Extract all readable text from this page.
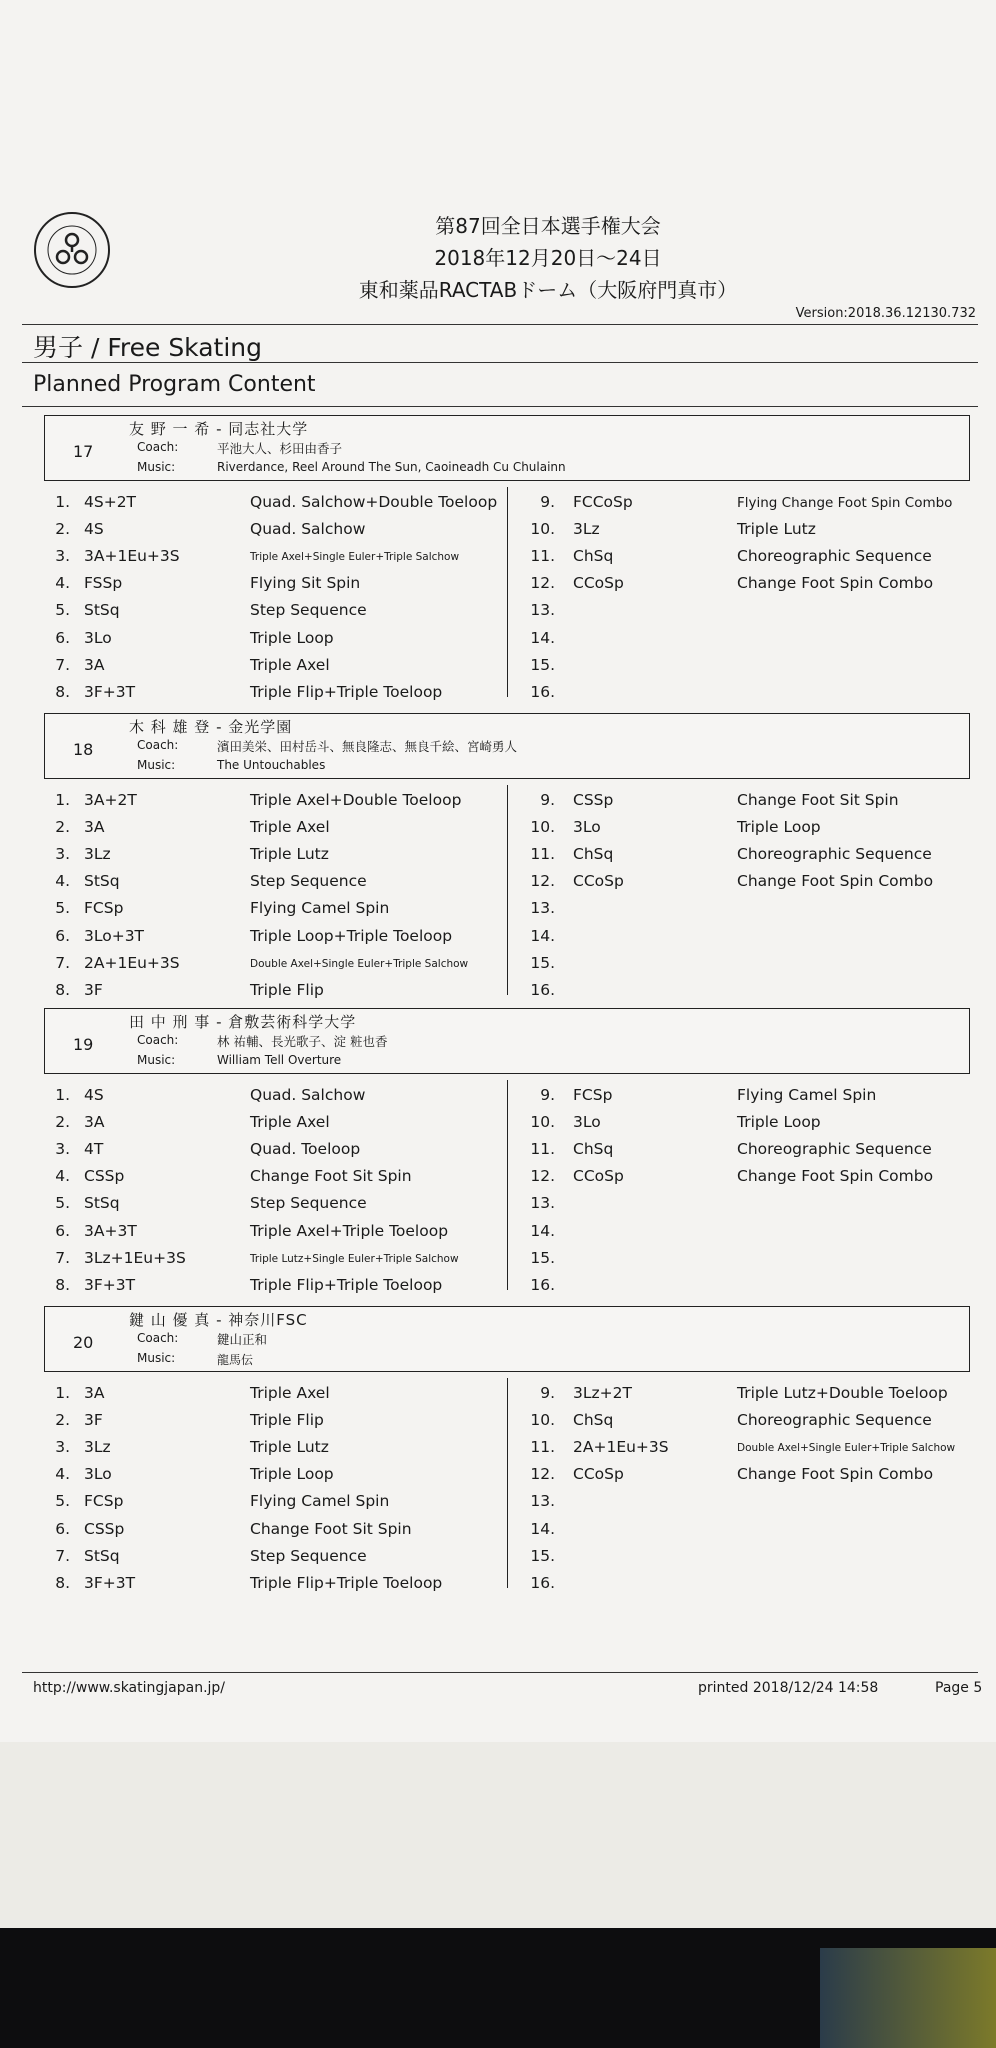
第87回全日本選手権大会
2018年12月20日～24日
東和薬品RACTABドーム（大阪府門真市）
Version:2018.36.12130.732
男子 / Free Skating
Planned Program Content
友 野 一 希 - 同志社大学
17	Coach:	平池大人、杉田由香子
Music:	Riverdance, Reel Around The Sun, Caoineadh Cu Chulainn
1. 4S+2T	Quad. Salchow+Double Toeloop
2. 4S	Quad. Salchow
3. 3A+1Eu+3S	Triple Axel+Single Euler+Triple Salchow
4. FSSp	Flying Sit Spin
5. StSq	Step Sequence
6. 3Lo	Triple Loop
7. 3A	Triple Axel
8. 3F+3T	Triple Flip+Triple Toeloop
9. FCCoSp	Flying Change Foot Spin Combo
10. 3Lz	Triple Lutz
11. ChSq	Choreographic Sequence
12. CCoSp	Change Foot Spin Combo
13.
14.
15.
16.
木 科 雄 登 - 金光学園
18	Coach:	濱田美栄、田村岳斗、無良隆志、無良千絵、宮崎勇人
Music:	The Untouchables
1. 3A+2T	Triple Axel+Double Toeloop
2. 3A	Triple Axel
3. 3Lz	Triple Lutz
4. StSq	Step Sequence
5. FCSp	Flying Camel Spin
6. 3Lo+3T	Triple Loop+Triple Toeloop
7. 2A+1Eu+3S	Double Axel+Single Euler+Triple Salchow
8. 3F	Triple Flip
9. CSSp	Change Foot Sit Spin
10. 3Lo	Triple Loop
11. ChSq	Choreographic Sequence
12. CCoSp	Change Foot Spin Combo
13.
14.
15.
16.
田 中 刑 事 - 倉敷芸術科学大学
19	Coach:	林 祐輔、長光歌子、淀 粧也香
Music:	William Tell Overture
1. 4S	Quad. Salchow
2. 3A	Triple Axel
3. 4T	Quad. Toeloop
4. CSSp	Change Foot Sit Spin
5. StSq	Step Sequence
6. 3A+3T	Triple Axel+Triple Toeloop
7. 3Lz+1Eu+3S	Triple Lutz+Single Euler+Triple Salchow
8. 3F+3T	Triple Flip+Triple Toeloop
9. FCSp	Flying Camel Spin
10. 3Lo	Triple Loop
11. ChSq	Choreographic Sequence
12. CCoSp	Change Foot Spin Combo
13.
14.
15.
16.
鍵 山 優 真 - 神奈川FSC
20	Coach:	鍵山正和
Music:	龍馬伝
1. 3A	Triple Axel
2. 3F	Triple Flip
3. 3Lz	Triple Lutz
4. 3Lo	Triple Loop
5. FCSp	Flying Camel Spin
6. CSSp	Change Foot Sit Spin
7. StSq	Step Sequence
8. 3F+3T	Triple Flip+Triple Toeloop
9. 3Lz+2T	Triple Lutz+Double Toeloop
10. ChSq	Choreographic Sequence
11. 2A+1Eu+3S	Double Axel+Single Euler+Triple Salchow
12. CCoSp	Change Foot Spin Combo
13.
14.
15.
16.
http://www.skatingjapan.jp/	printed 2018/12/24 14:58	Page 5
